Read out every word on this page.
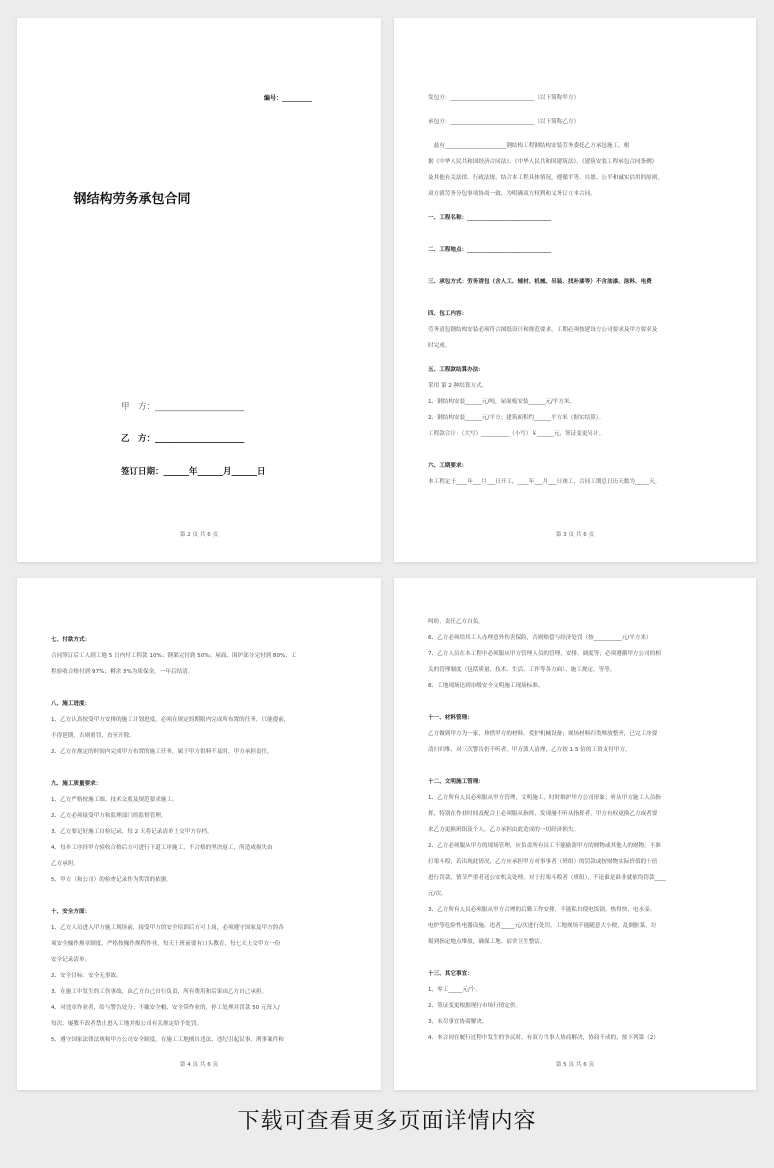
编号：__________
钢结构劳务承包合同
甲　方：_____________________
乙　方：_____________________
签订日期：______年______月______日
第 2 页 共 6 页	第 3 页 共 6 页
发包方：______________________________（以下简称甲方）
承包方：______________________________（以下简称乙方）
　兹有______________________钢结构工程钢结构安装劳务委托乙方承包施工，根
据《中华人民共和国经济合同法》、《中华人民共和国建筑法》、《建筑安装工程承包合同条例》
及其他有关法律、行政法规，结合本工程具体情况，遵循平等、自愿、公平和诚实信用的原则，
双方就劳务分包事项协商一致，为明确双方权利和义务订立本合同。
一、工程名称：______________________________
二、工程地点：______________________________
三、承包方式：劳务清包（含人工、辅材、机械、吊装、找补漆等）不含油漆、涂料、电费
四、包工内容：
劳务清包钢结构安装必须符合图纸设计和规范要求，工期必须按建设方公司要求及甲方要求及
时完成。
五、工程款结算办法：
采用 第 2 种结算方式。
1、钢结构安装______元/吨，屋面板安装______元/平方米。
2、钢结构安装______元/平方；建筑面积约______平方米（据实结算）。
工程款合计：（大写）__________（小写）￥______元，签证变更另计。
六、工期要求：
本工程定于____年___月___日开工，____年___月___日竣工，合同工期总日历天数为_____天。
第 4 页 共 6 页
七、付款方式：
合同签订后工人到工地 5 日内付工程款 10%；钢架完付到 50%；屋面、围护部分完付到 80%；工
程验收合格付到 97%；剩余 3%为质保金，一年后结清。
八、施工进度：
1、乙方认真按受甲方安排的施工计划进度，必须在规定的期限内完成所布置的任务，只能提前，
不得延期，否则重罚，直至开除。
2、乙方在规定的时间内完成甲方布置的施工任务，属于甲方供料不及时，甲方承担责任。
九、施工质量要求：
1、乙方严格按施工图、技术交底及规范要求施工。
2、乙方必须接受甲方和监理部门的监督管理。
3、乙方要记好施工自检记录，每 2 天将记录清单上交甲方存档。
4、每步工序经甲方验收合格后方可进行下道工序施工，不合格的坚决返工，所造成损失由
乙方承担。
5、甲方（和公司）的检查记录作为奖罚的依据。
十、安全方面：
1、乙方人员进入甲方施工现场前，接受甲方的安全培训后方可上岗，必须遵守国家及甲方的各
项安全操作规章制度，严格按操作规程作业，每天上班前要有口头教育，每七天上交甲方一份
安全记录清单。
2、安全目标：安全无事故。
3、在施工中发生的工伤事故，由乙方自己自行负责，所有费用和后果由乙方自己承担。
4、对违章作业者，给与警告处分；不戴安全帽、安全带作业的，停工处理并罚款 50 元每人/
每次，屡教不改者禁止进入工地并报公司有关规定给予处罚。
5、遵守国家法律法规和甲方公司安全制度，在施工工地擅自违法、违纪引起民事，刑事案件和
第 5 页 共 6 页
纠纷，责任乙方自负。
6、乙方必须给其工人办理意外伤害保险，否则赔偿与经济处罚（按__________元/平方米）
7、乙方人员在本工程中必须服从甲方管理人员的管理、安排、调度等；必须遵循甲方公司的相
关的管理制度（包括质量、技术、生活、工作等各方面）、施工规定、等等。
8、工地现场达到市级安全文明施工现场标准。
十一、材料管理：
乙方做到甲方为一家，珍惜甲方的材料，爱护机械设备；现场材料归类堆放整齐，已完工序要
清扫归堆，对三次警告仍不听者，甲方派人清理，乙方按 1.5 倍的工资支付甲方。
十二、文明施工管理：
1、乙方所有人员必须服从甲方管理，文明施工，时时维护甲方公司形象；听从甲方施工人员指
挥，特别在作业时间及配合上必须服从指挥，发现屡不听从指挥者，甲方有权更换乙方或者要
求乙方更换班组及个人，乙方承担由此造成的一切经济损失。
2、乙方必须服从甲方的现场管理，应负责所有员工不能偷盗甲方的财物或其他人的财物，不准
打架斗殴；若出现此情况，乙方应承担甲方对事事者（班组）的罚款或按财物实际价值的十倍
进行罚款，情节严重者送公安机关处理。对于打架斗殴者（班组），不论谁是谁非就依均罚款____
元/次。
3、乙方所有人员必须服从甲方合理的后勤工作安排，不能私自使电饭锅、热得快、电水壶、
电炉等危险性电器设施，违者_____元/次进行处罚，工地现场不能随意大小便，乱倒脏菜，垃
圾到指定地点堆放，确保工地、宿舍卫生整洁。
十三、其它事宜：
1、零工_____元/个。
2、签证变更根据现行市场行情定价。
3、未尽事宜协商解决。
4、本合同在履行过程中发生的争议时，有双方当事人协商解决，协商不成的，按下列第（2）
下载可查看更多页面详情内容
